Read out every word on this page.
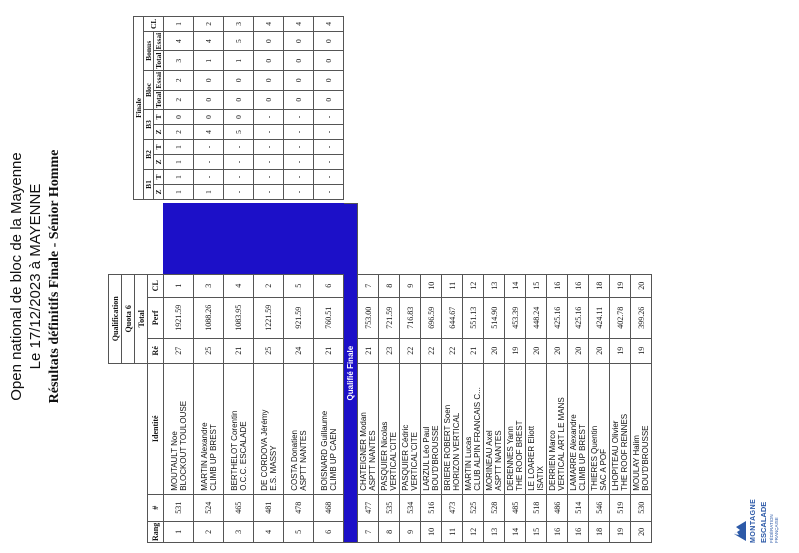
Open national de bloc de la Mayenne Le 17/12/2023 à MAYENNE Résultats définitifs Finale - Sénior Homme
			Qualification			
			Quota 6			
			Total			
Rang	#	Identité	Ré	Perf	CL	
1	531	MOUTAULT Noe BLOCKOUT TOULOUSE	27	1921.59	1	
2	524	MARTIN Alexandre CLIMB UP BREST	25	1088.26	3	
3	465	BERTHELOT Corentin O.C.C. ESCALADE	21	1083.95	4	
4	481	DE CORDOVA Jérémy E.S. MASSY	25	1221.59	2	
5	478	COSTA Donatien ASPTT NANTES	24	921.59	5	
6	468	BOISNARD Guillaume CLIMB UP CAEN	21	760.51	6	
Qualifié Finale						
7	477	CHATEIGNER Modan ASPTT NANTES	21	753.00	7	
8	535	PASQUIER Nicolas VERTICAL'CITE	23	721.59	8	
9	534	PASQUIER Cédric VERTICAL'CITE	22	716.83	9	
10	516	LARZUL Léo Paul BOU'D'BROUSSE	22	696.59	10	
11	473	BRIERE ROBERT Soen HORIZON VERTICAL	22	644.67	11	
12	525	MARTIN Lucas CLUB ALPIN FRANCAIS C...	21	551.13	12	
13	528	MORINEAU Axel ASPTT NANTES	20	514.90	13	
14	485	DERENNES Yann THE ROOF BREST	19	453.39	14	
15	518	LE LOARER Eliott ISATIX	20	448.24	15	
16	486	DERRIEN Marco VERTICAL ART LE MANS	20	425.16	16	
16	514	LAMARRE Alexandre CLIMB UP BREST	20	425.16	16	
18	546	THIERES Quentin SAC A POF	20	424.11	18	
19	519	LHOPITEAU Olivier THE ROOF RENNES	19	402.78	19	
20	530	MOULAY Halim BOU'D'BROUSSE	19	399.26	20	
MONTAGNE ESCALADE FÉDÉRATION FRANÇAISE
Finale										
B1		B2		B3		Bloc		Bonus		CL
Z	T	Z	T	Z	T	Total	Essai	Total	Essai	
1	1	1	1	2	0	2	2	3	4	1
1	-	-	-	4	0	0	0	1	4	2
-	-	-	-	5	0	0	0	1	5	3
-	-	-	-	-	-	0	0	0	0	4
-	-	-	-	-	-	0	0	0	0	4
-	-	-	-	-	-	0	0	0	0	4
